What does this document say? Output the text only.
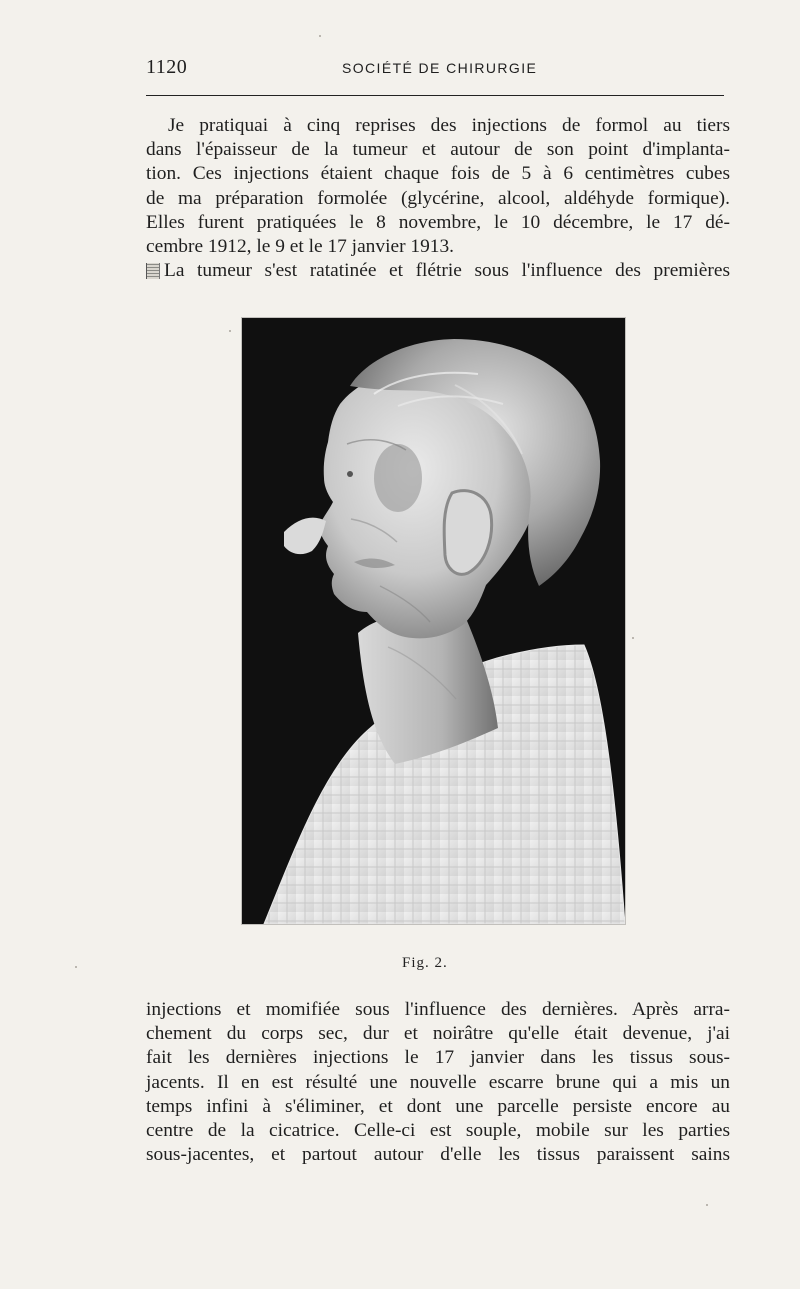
1120	SOCIÉTÉ DE CHIRURGIE
Je pratiquai à cinq reprises des injections de formol au tiers
dans l'épaisseur de la tumeur et autour de son point d'implanta-
tion. Ces injections étaient chaque fois de 5 à 6 centimètres cubes
de ma préparation formolée (glycérine, alcool, aldéhyde formique).
Elles furent pratiquées le 8 novembre, le 10 décembre, le 17 dé-
cembre 1912, le 9 et le 17 janvier 1913.
La tumeur s'est ratatinée et flétrie sous l'influence des premières
Fig. 2.
injections et momifiée sous l'influence des dernières. Après arra-
chement du corps sec, dur et noirâtre qu'elle était devenue, j'ai
fait les dernières injections le 17 janvier dans les tissus sous-
jacents. Il en est résulté une nouvelle escarre brune qui a mis un
temps infini à s'éliminer, et dont une parcelle persiste encore au
centre de la cicatrice. Celle-ci est souple, mobile sur les parties
sous-jacentes, et partout autour d'elle les tissus paraissent sains
